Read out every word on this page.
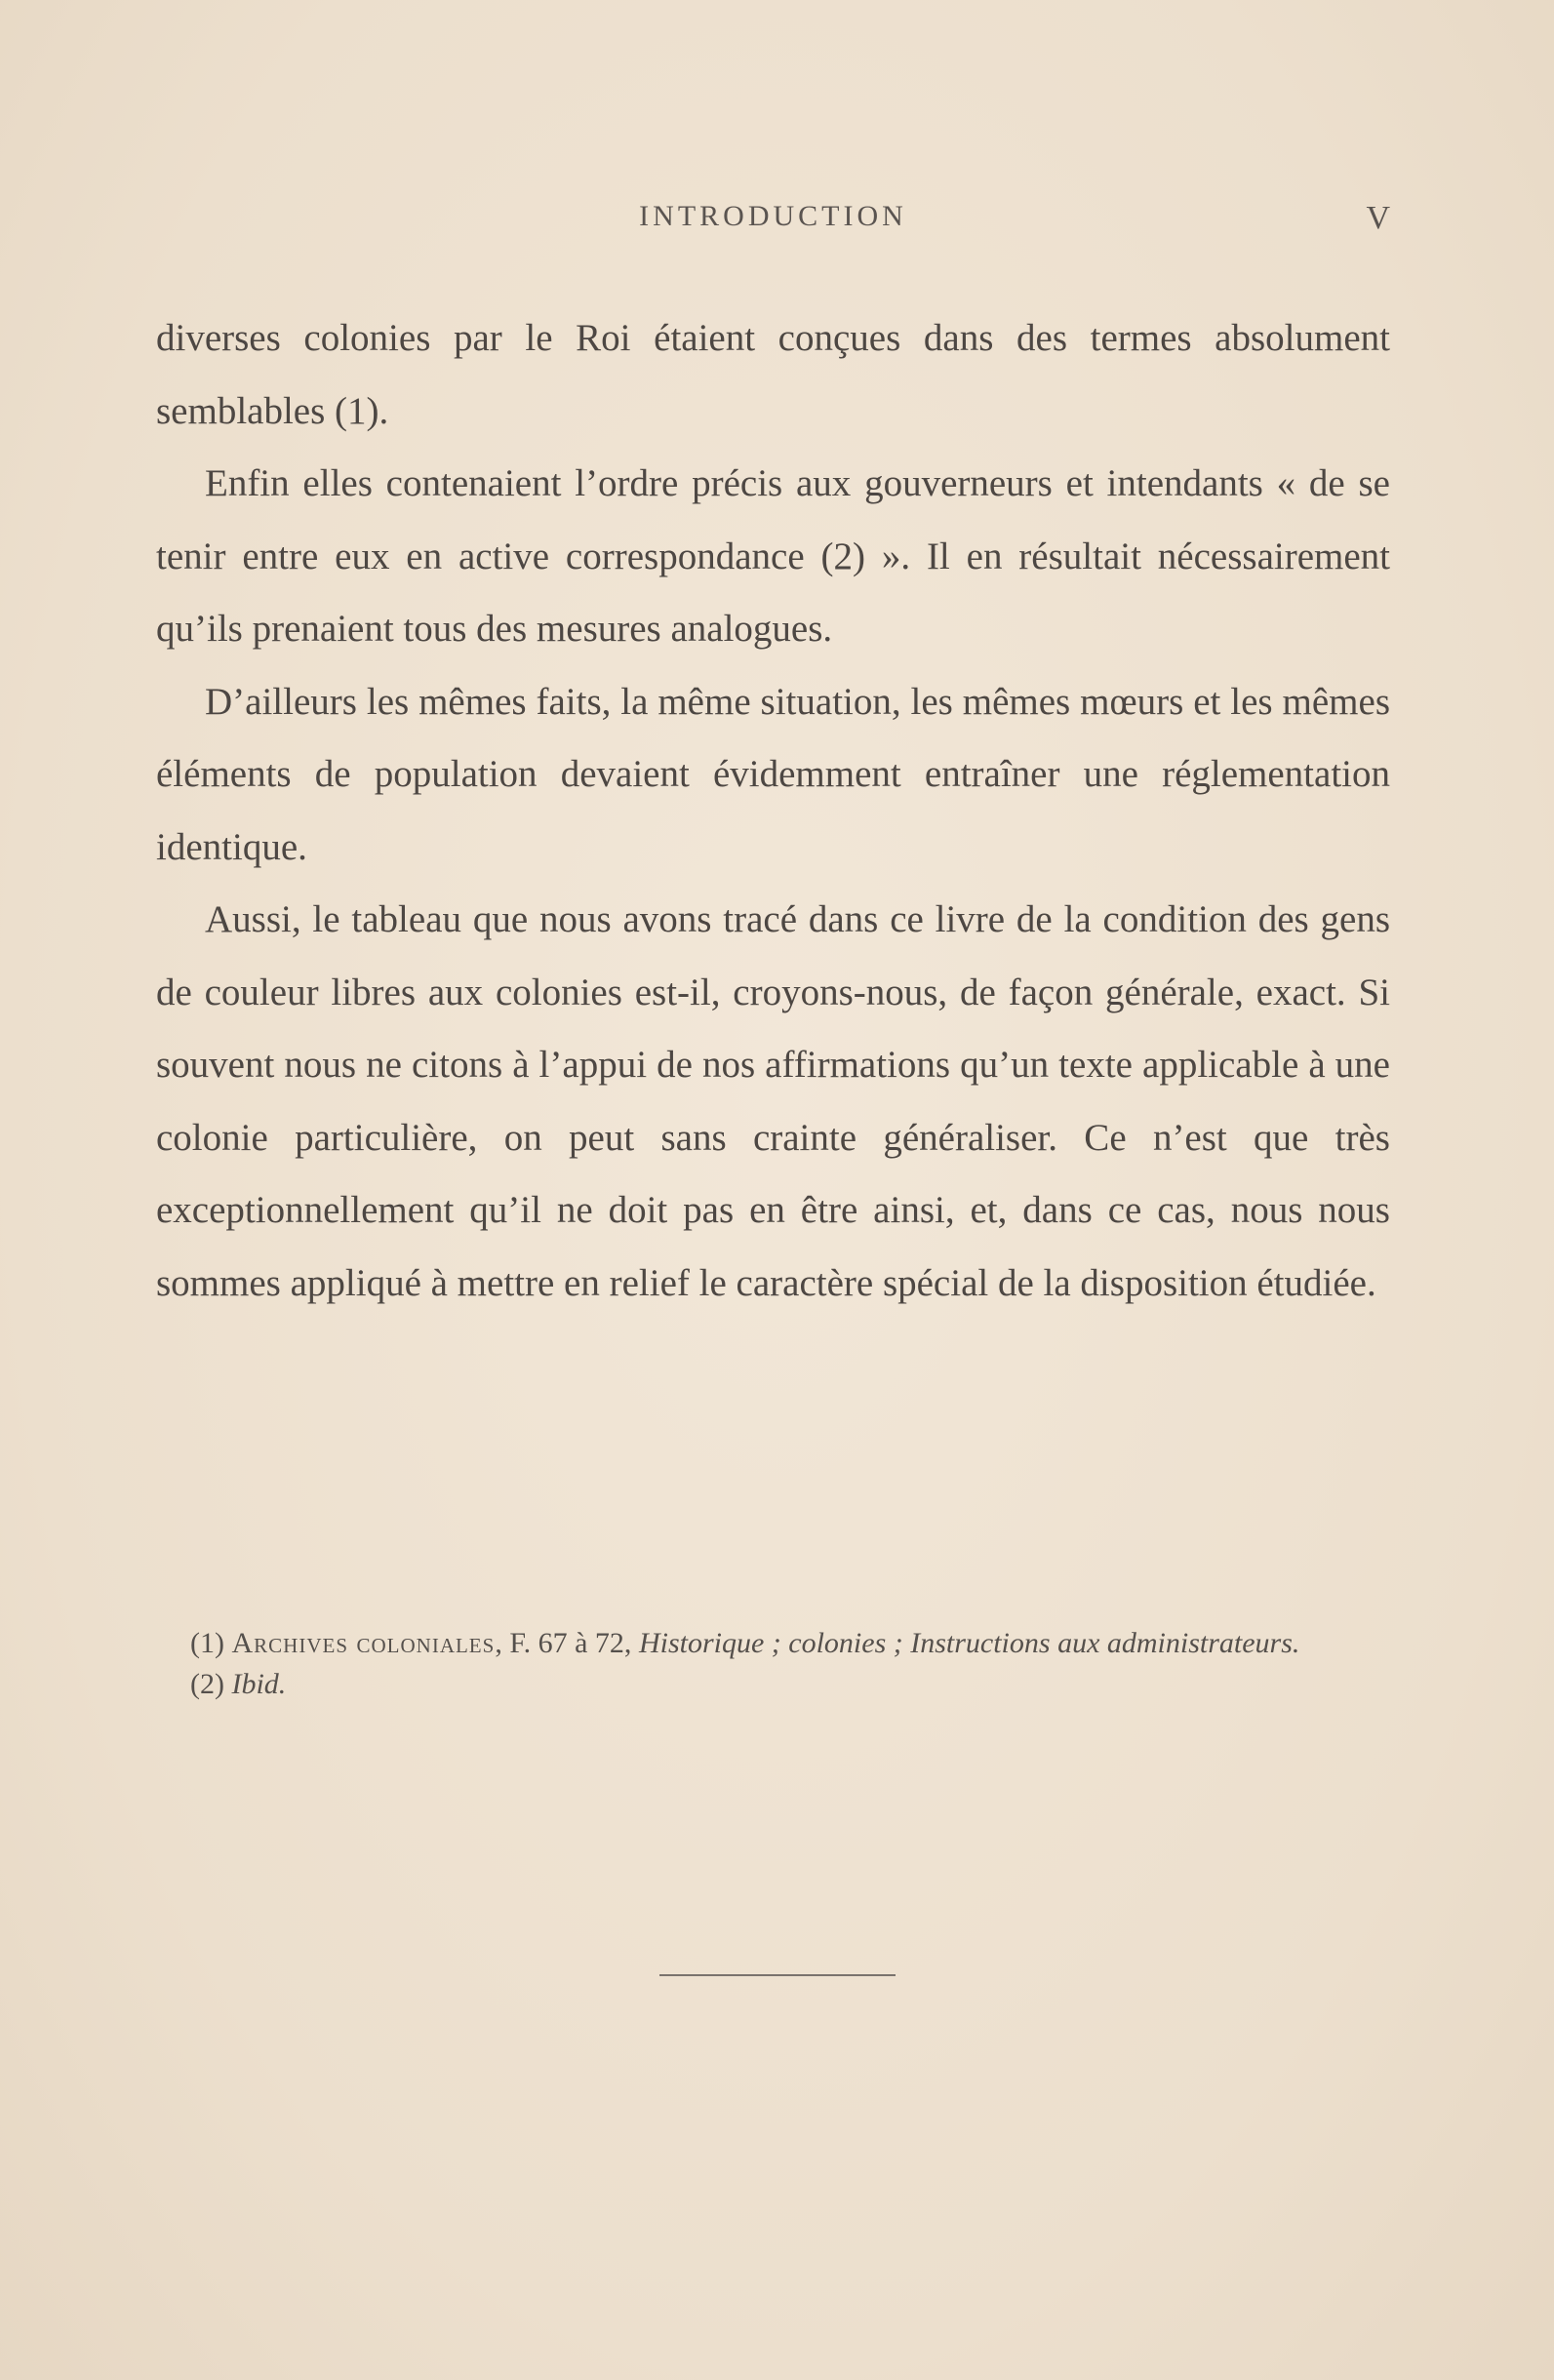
INTRODUCTION	V

diverses colonies par le Roi étaient conçues dans des termes absolument semblables (1).

Enfin elles contenaient l’ordre précis aux gouverneurs et intendants « de se tenir entre eux en active correspondance (2) ». Il en résultait nécessairement qu’ils prenaient tous des mesures analogues.

D’ailleurs les mêmes faits, la même situation, les mêmes mœurs et les mêmes éléments de population devaient évidemment entraîner une réglementation identique.

Aussi, le tableau que nous avons tracé dans ce livre de la condition des gens de couleur libres aux colonies est-il, croyons-nous, de façon générale, exact. Si souvent nous ne citons à l’appui de nos affirmations qu’un texte applicable à une colonie particulière, on peut sans crainte généraliser. Ce n’est que très exceptionnellement qu’il ne doit pas en être ainsi, et, dans ce cas, nous nous sommes appliqué à mettre en relief le caractère spécial de la disposition étudiée.

(1) Archives coloniales, F. 67 à 72, Historique ; colonies ; Instructions aux administrateurs.

(2) Ibid.
